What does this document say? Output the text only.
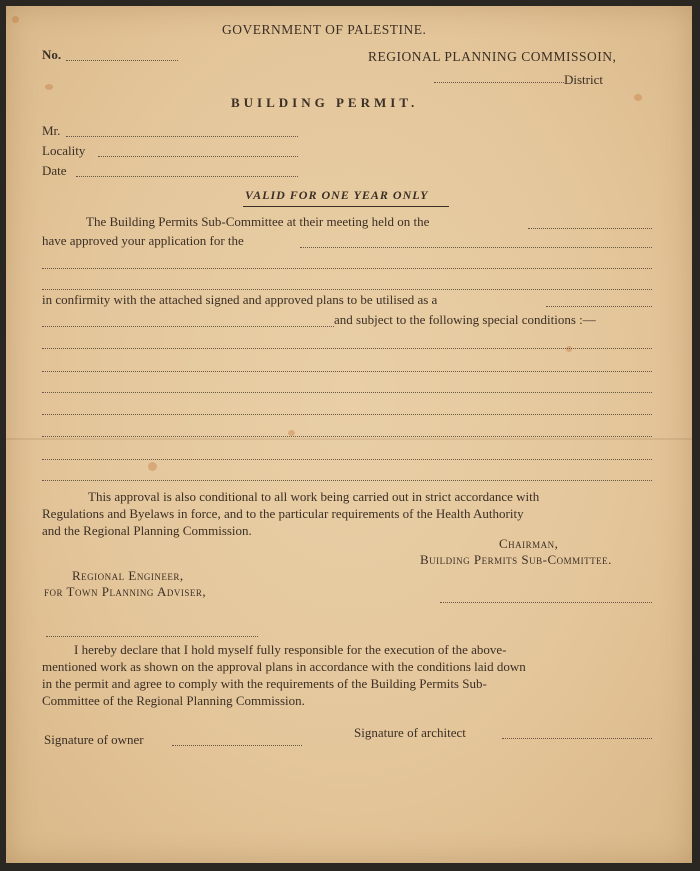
GOVERNMENT OF PALESTINE.
No.	REGIONAL PLANNING COMMISSOIN,
District
BUILDING PERMIT.
Mr.
Locality
Date
VALID FOR ONE YEAR ONLY
The Building Permits Sub-Committee at their meeting held on the
have approved your application for the
in confirmity with the attached signed and approved plans to be utilised as a
and subject to the following special conditions :—
This approval is also conditional to all work being carried out in strict accordance with
Regulations and Byelaws in force, and to the particular requirements of the Health Authority
and the Regional Planning Commission.
Chairman,
Building Permits Sub-Committee.
Regional Engineer,
for Town Planning Adviser,
I hereby declare that I hold myself fully responsible for the execution of the above-
mentioned work as shown on the approval plans in accordance with the conditions laid down
in the permit and agree to comply with the requirements of the Building Permits Sub-
Committee of the Regional Planning Commission.
Signature of owner	Signature of architect
